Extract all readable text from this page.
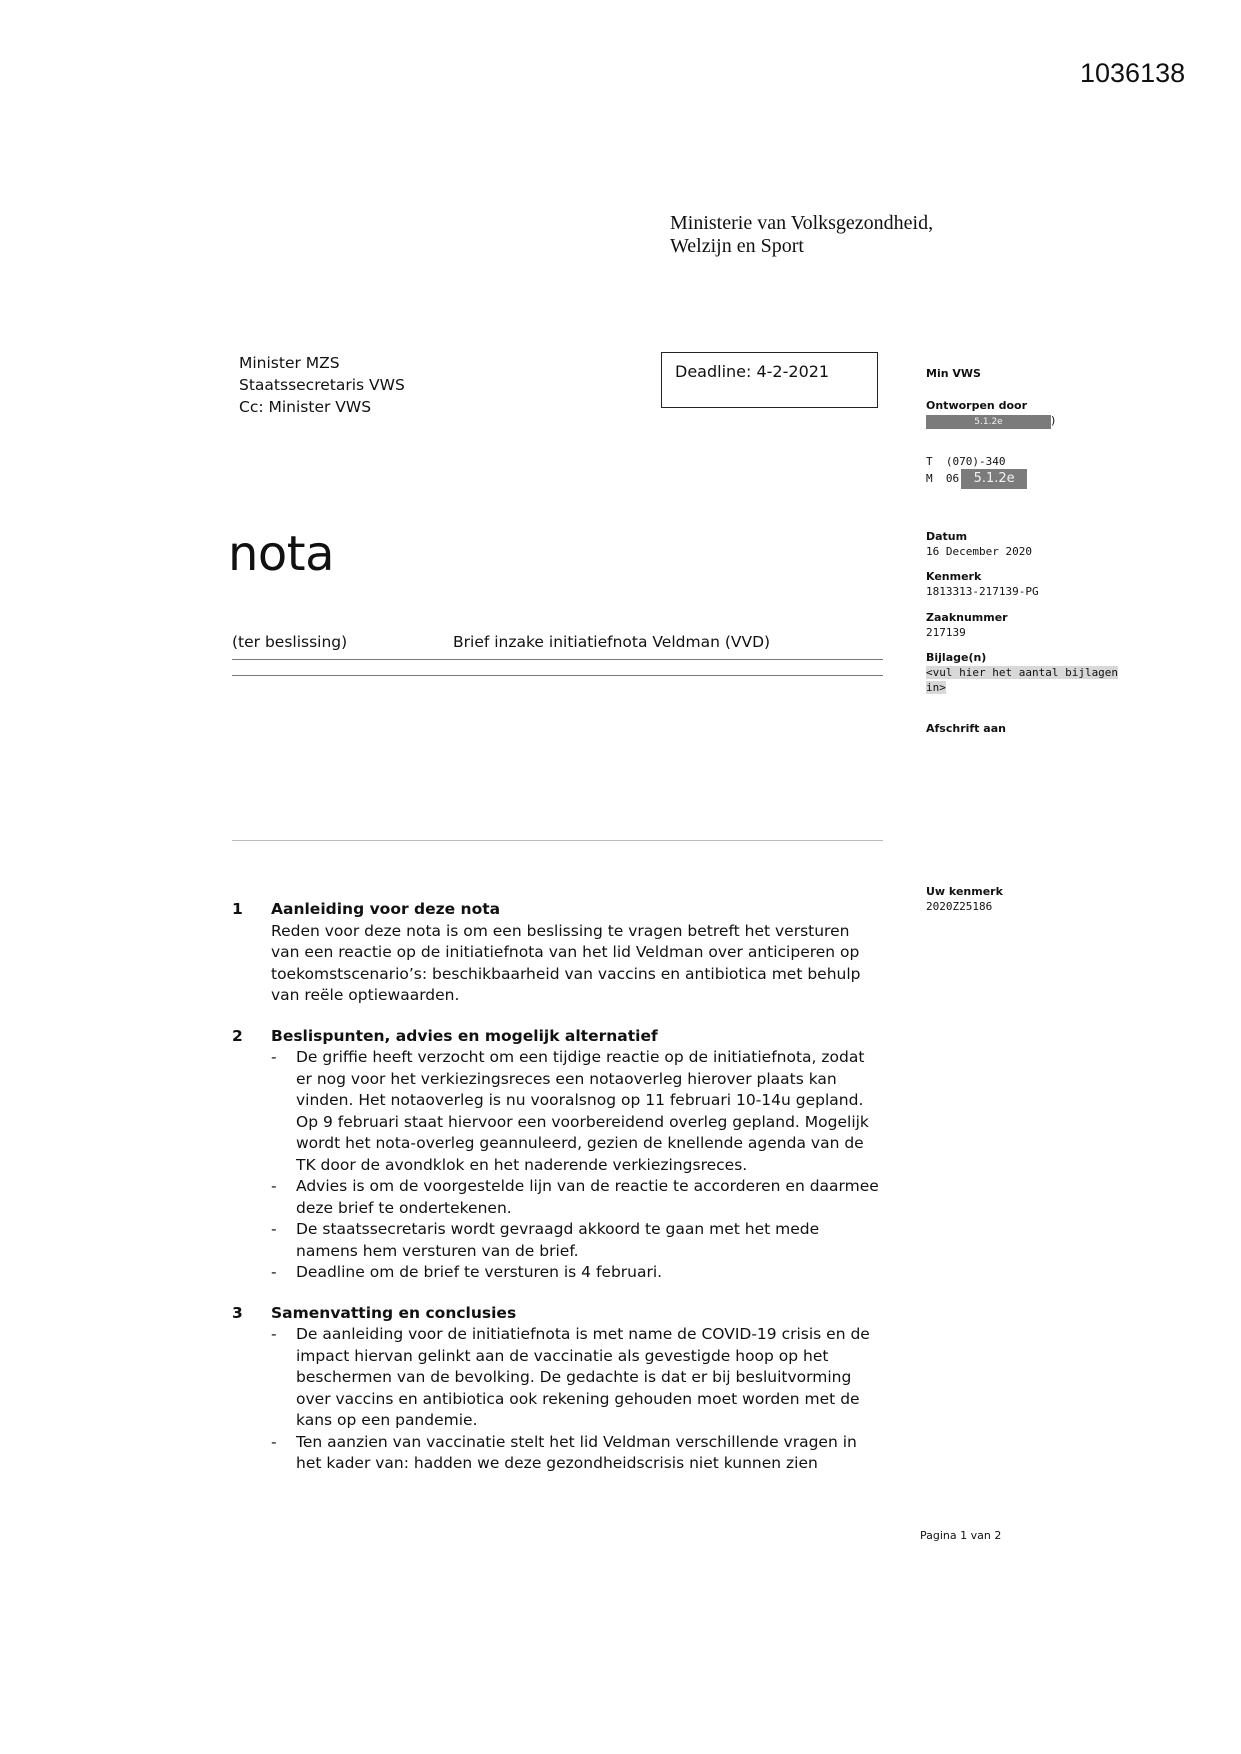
1036138
Ministerie van Volksgezondheid,
Welzijn en Sport
Minister MZS
Staatssecretaris VWS
Cc: Minister VWS
Deadline: 4-2-2021
nota
(ter beslissing)	Brief inzake initiatiefnota Veldman (VVD)
Min VWS
Ontworpen door
5.1.2e	)
T  (070)-340
M  06 5.1.2e
Datum
16 December 2020
Kenmerk
1813313-217139-PG
Zaaknummer
217139
Bijlage(n)
<vul hier het aantal bijlagen
in>
Afschrift aan
Uw kenmerk
2020Z25186
1 Aanleiding voor deze nota
Reden voor deze nota is om een beslissing te vragen betreft het versturen
van een reactie op de initiatiefnota van het lid Veldman over anticiperen op
toekomstscenario’s: beschikbaarheid van vaccins en antibiotica met behulp
van reële optiewaarden.
2 Beslispunten, advies en mogelijk alternatief
- De griffie heeft verzocht om een tijdige reactie op de initiatiefnota, zodat
er nog voor het verkiezingsreces een notaoverleg hierover plaats kan
vinden. Het notaoverleg is nu vooralsnog op 11 februari 10-14u gepland.
Op 9 februari staat hiervoor een voorbereidend overleg gepland. Mogelijk
wordt het nota-overleg geannuleerd, gezien de knellende agenda van de
TK door de avondklok en het naderende verkiezingsreces.
- Advies is om de voorgestelde lijn van de reactie te accorderen en daarmee
deze brief te ondertekenen.
- De staatssecretaris wordt gevraagd akkoord te gaan met het mede
namens hem versturen van de brief.
- Deadline om de brief te versturen is 4 februari.
3 Samenvatting en conclusies
- De aanleiding voor de initiatiefnota is met name de COVID-19 crisis en de
impact hiervan gelinkt aan de vaccinatie als gevestigde hoop op het
beschermen van de bevolking. De gedachte is dat er bij besluitvorming
over vaccins en antibiotica ook rekening gehouden moet worden met de
kans op een pandemie.
- Ten aanzien van vaccinatie stelt het lid Veldman verschillende vragen in
het kader van: hadden we deze gezondheidscrisis niet kunnen zien
Pagina 1 van 2
